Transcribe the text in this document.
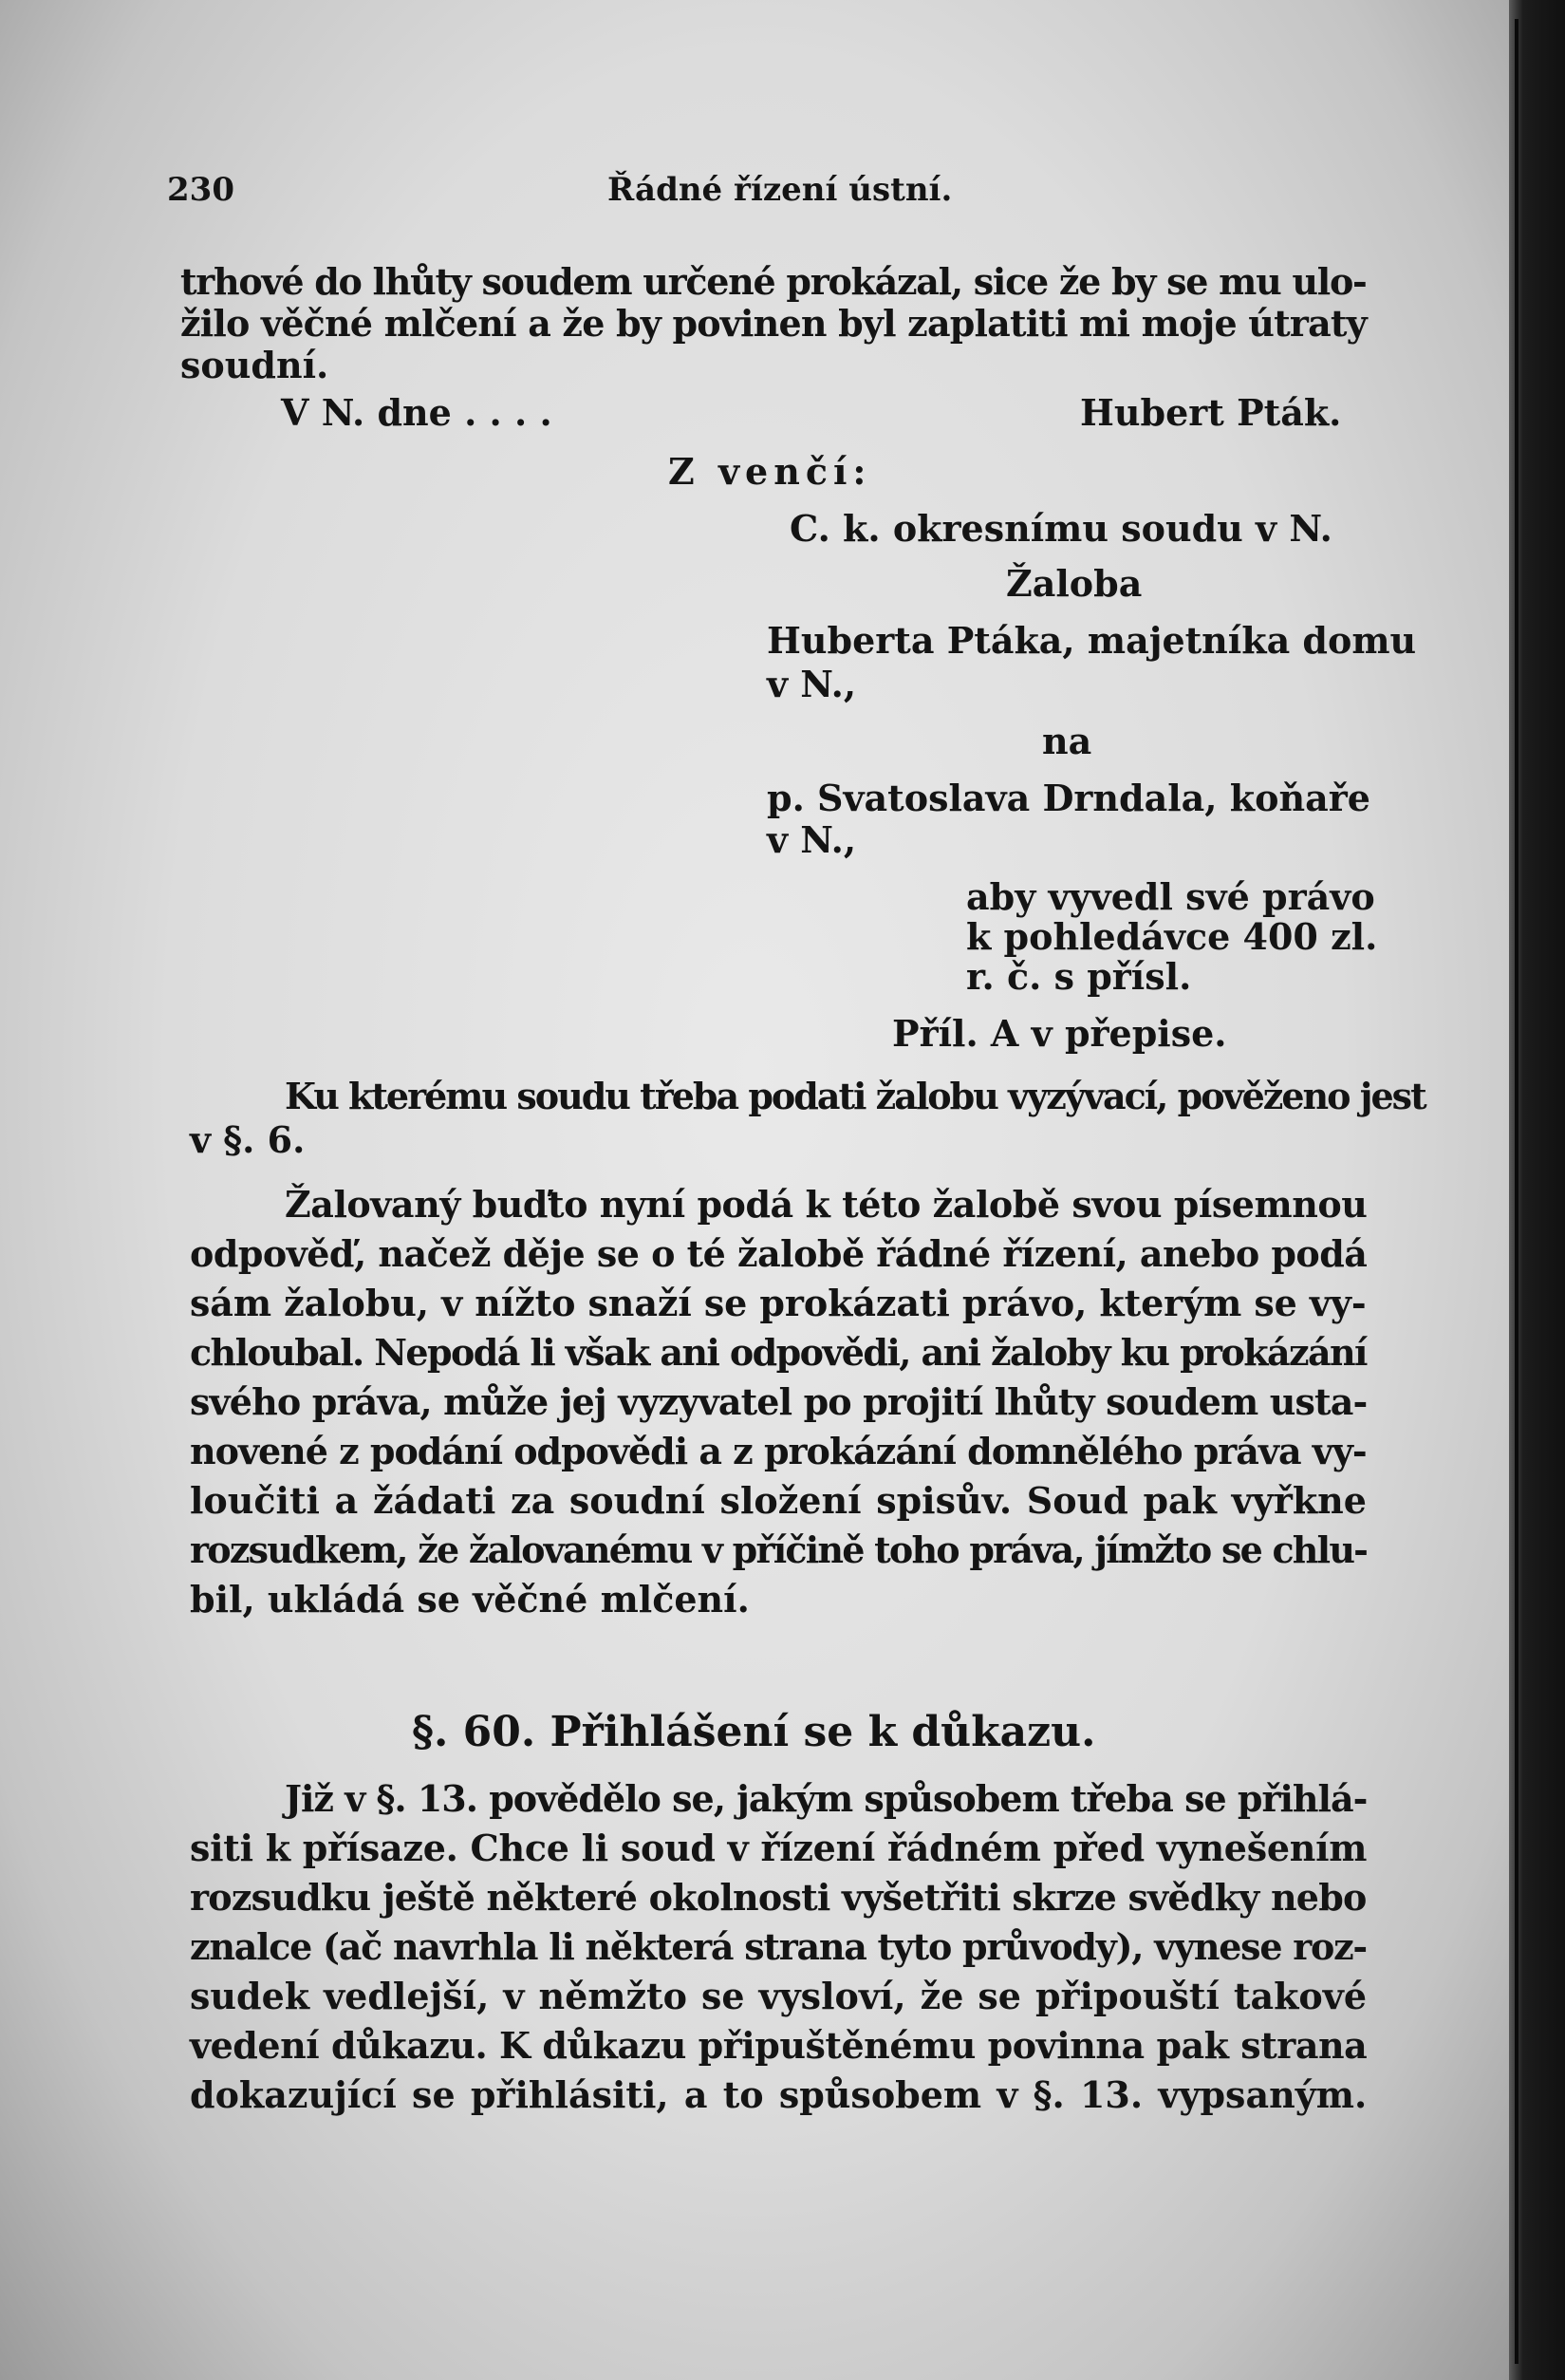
230	Řádné řízení ústní.

trhové do lhůty soudem určené prokázal, sice že by se mu ulo-

žilo věčné mlčení a že by povinen byl zaplatiti mi moje útraty

soudní.

V N. dne . . . .	Hubert Pták.

Z venčí:

C. k. okresnímu soudu v N.

Žaloba

Huberta Ptáka, majetníka domu

v N.,

na

p. Svatoslava Drndala, koňaře

v N.,

aby vyvedl své právo

k pohledávce 400 zl.

r. č. s přísl.

Příl. A v přepise.

Ku kterému soudu třeba podati žalobu vyzývací, pověženo jest

v §. 6.

Žalovaný buďto nyní podá k této žalobě svou písemnou

odpověď, načež děje se o té žalobě řádné řízení, anebo podá

sám žalobu, v nížto snaží se prokázati právo, kterým se vy-

chloubal. Nepodá li však ani odpovědi, ani žaloby ku prokázání

svého práva, může jej vyzyvatel po projití lhůty soudem usta-

novené z podání odpovědi a z prokázání domnělého práva vy-

loučiti a žádati za soudní složení spisův. Soud pak vyřkne

rozsudkem, že žalovanému v příčině toho práva, jímžto se chlu-

bil, ukládá se věčné mlčení.

§. 60. Přihlášení se k důkazu.

Již v §. 13. povědělo se, jakým spůsobem třeba se přihlá-

siti k přísaze. Chce li soud v řízení řádném před vynešením

rozsudku ještě některé okolnosti vyšetřiti skrze svědky nebo

znalce (ač navrhla li některá strana tyto průvody), vynese roz-

sudek vedlejší, v němžto se vysloví, že se připouští takové

vedení důkazu. K důkazu připuštěnému povinna pak strana

dokazující se přihlásiti, a to spůsobem v §. 13. vypsaným.
